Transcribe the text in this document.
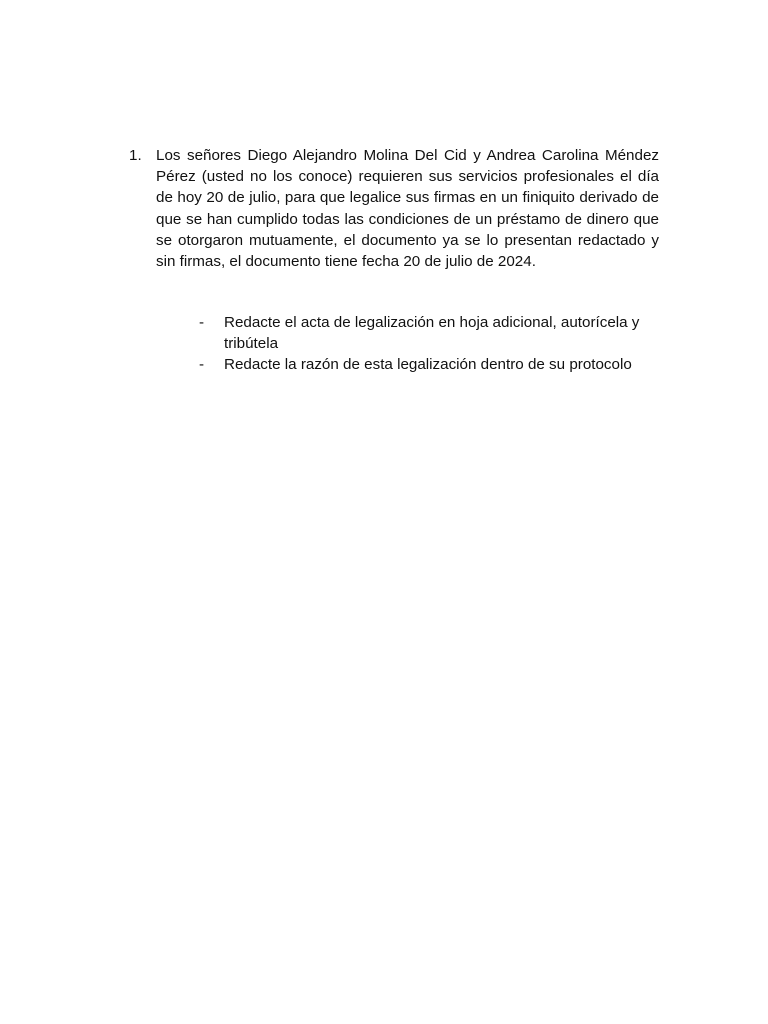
1. Los señores Diego Alejandro Molina Del Cid y Andrea Carolina Méndez Pérez (usted no los conoce) requieren sus servicios profesionales el día de hoy 20 de julio, para que legalice sus firmas en un finiquito derivado de que se han cumplido todas las condiciones de un préstamo de dinero que se otorgaron mutuamente, el documento ya se lo presentan redactado y sin firmas, el documento tiene fecha 20 de julio de 2024.
-	Redacte el acta de legalización en hoja adicional, autorícela y tribútela
-	Redacte la razón de esta legalización dentro de su protocolo
